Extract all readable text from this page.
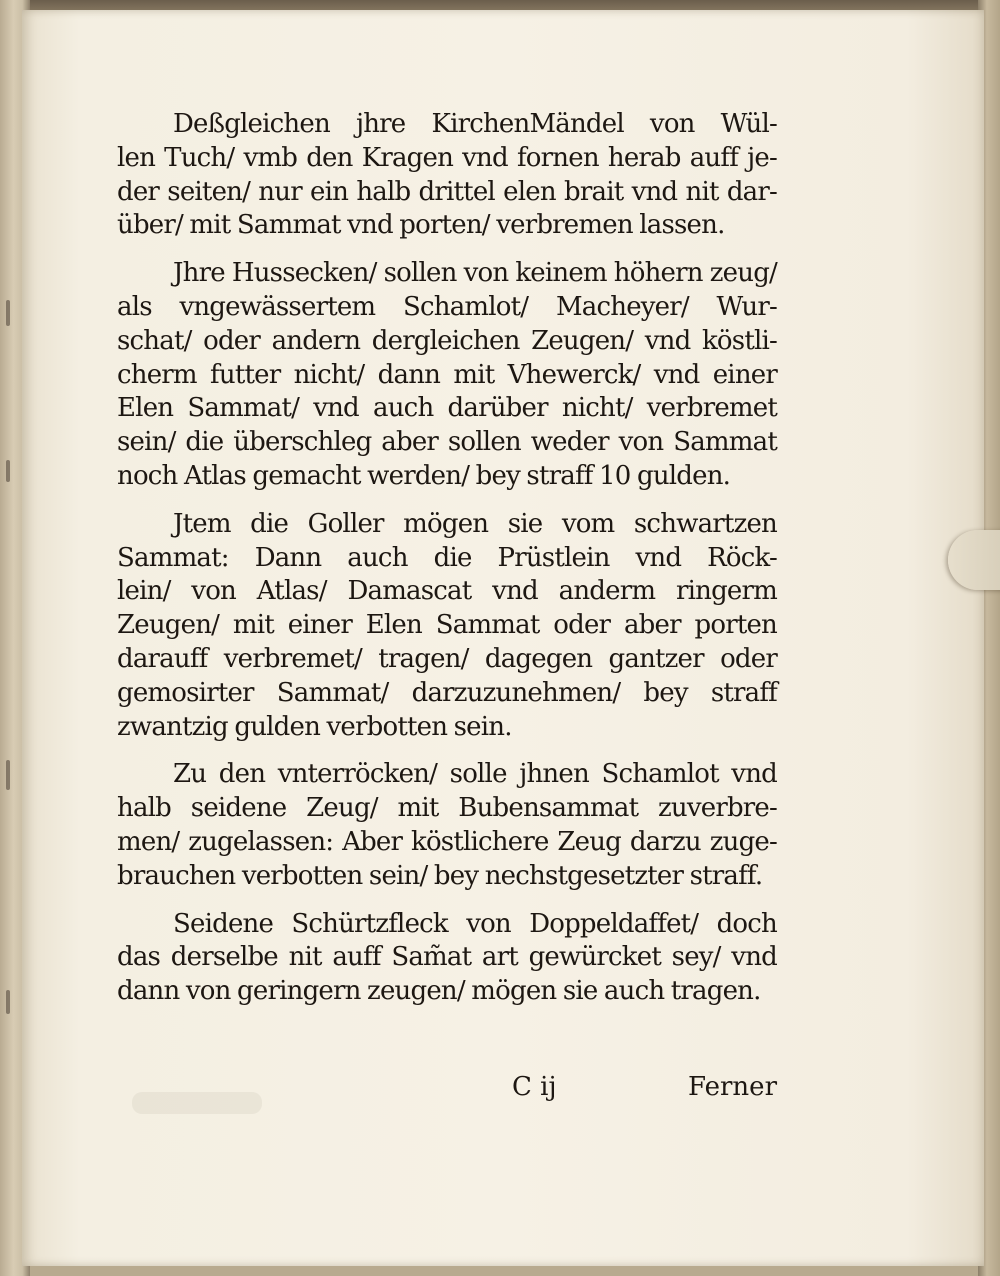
Deßgleichen jhre KirchenMändel von Wül-
len Tuch/ vmb den Kragen vnd fornen herab auff je-
der seiten/ nur ein halb drittel elen brait vnd nit dar-
über/ mit Sammat vnd porten/ verbremen lassen.
Jhre Hussecken/ sollen von keinem höhern zeug/
als vngewässertem Schamlot/ Macheyer/ Wur-
schat/ oder andern dergleichen Zeugen/ vnd köstli-
cherm futter nicht/ dann mit Vhewerck/ vnd einer
Elen Sammat/ vnd auch darüber nicht/ verbremet
sein/ die überschleg aber sollen weder von Sammat
noch Atlas gemacht werden/ bey straff 10 gulden.
Jtem die Goller mögen sie vom schwartzen
Sammat: Dann auch die Prüstlein vnd Röck-
lein/ von Atlas/ Damascat vnd anderm ringerm
Zeugen/ mit einer Elen Sammat oder aber porten
darauff verbremet/ tragen/ dagegen gantzer oder
gemosirter Sammat/ darzuzunehmen/ bey straff
zwantzig gulden verbotten sein.
Zu den vnterröcken/ solle jhnen Schamlot vnd
halb seidene Zeug/ mit Bubensammat zuverbre-
men/ zugelassen: Aber köstlichere Zeug darzu zuge-
brauchen verbotten sein/ bey nechstgesetzter straff.
Seidene Schürtzfleck von Doppeldaffet/ doch
das derselbe nit auff Sam̃at art gewürcket sey/ vnd
dann von geringern zeugen/ mögen sie auch tragen.
C ij	Ferner
